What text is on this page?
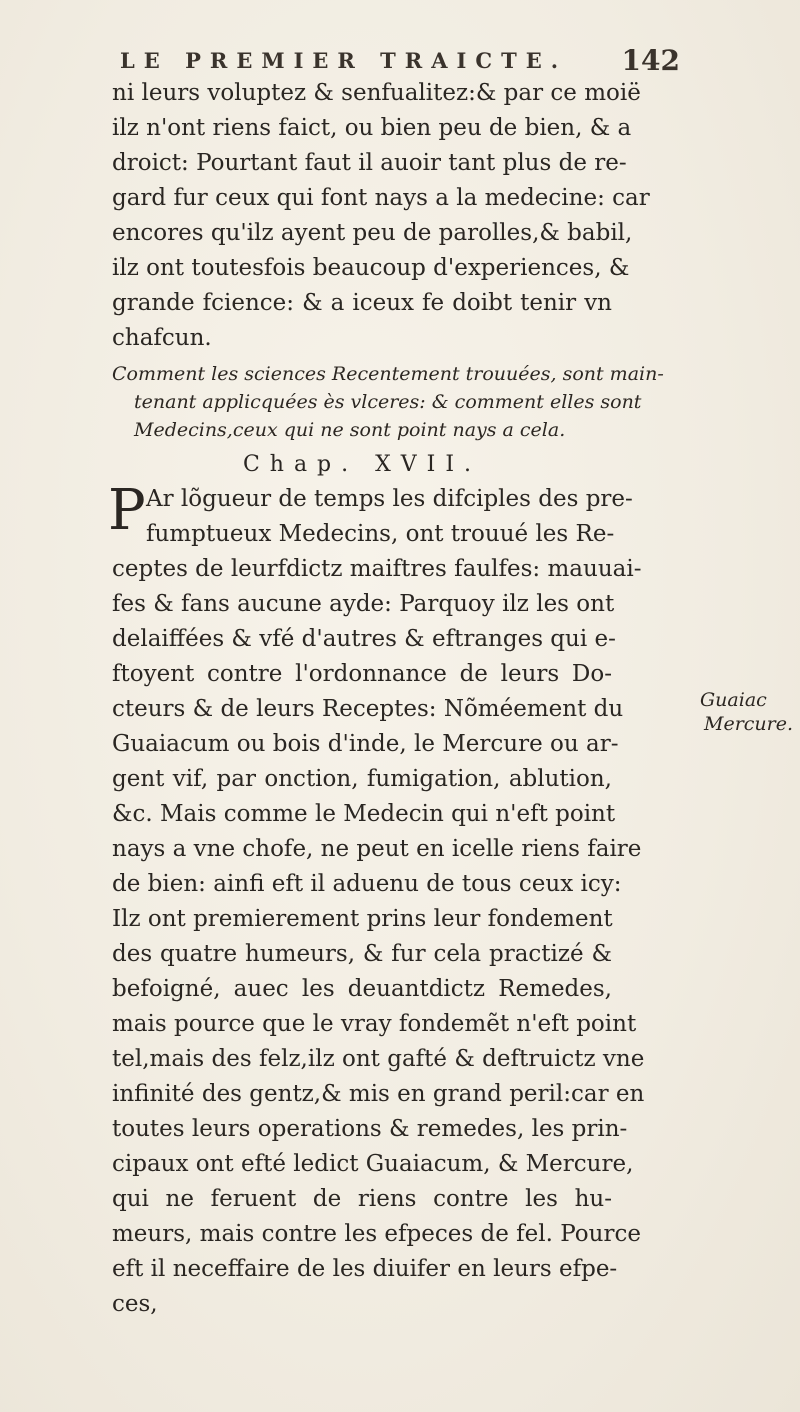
LE PREMIER TRAICTE. 142
ni leurs voluptez & senfualitez:& par ce moië
ilz n'ont riens faict, ou bien peu de bien, & a
droict: Pourtant faut il auoir tant plus de re-
gard fur ceux qui font nays a la medecine: car
encores qu'ilz ayent peu de parolles,& babil,
ilz ont toutesfois beaucoup d'experiences, &
grande fcience: & a iceux fe doibt tenir vn
chafcun.
Comment les sciences Recentement trouuées, sont main-
tenant applicquées ès vlceres: & comment elles sont
Medecins,ceux qui ne sont point nays a cela.
Chap. XVII.
P Ar lõgueur de temps les difciples des pre-
fumptueux Medecins, ont trouué les Re-
ceptes de leurfdictz maiftres faulfes: mauuai-
fes & fans aucune ayde: Parquoy ilz les ont
delaiffées & vfé d'autres & eftranges qui e-
ftoyent contre l'ordonnance de leurs Do-
cteurs & de leurs Receptes: Nõméement du
Guaiacum ou bois d'inde, le Mercure ou ar-
gent vif, par onction, fumigation, ablution,
&c. Mais comme le Medecin qui n'eft point
nays a vne chofe, ne peut en icelle riens faire
de bien: ainfi eft il aduenu de tous ceux icy:
Ilz ont premierement prins leur fondement
des quatre humeurs, & fur cela practizé &
befoigné, auec les deuantdictz Remedes,
mais pource que le vray fondemẽt n'eft point
tel,mais des felz,ilz ont gafté & deftruictz vne
infinité des gentz,& mis en grand peril:car en
toutes leurs operations & remedes, les prin-
cipaux ont efté ledict Guaiacum, & Mercure,
qui ne feruent de riens contre les hu-
meurs, mais contre les efpeces de fel. Pource
eft il neceffaire de les diuifer en leurs efpe-
ces,
Guaiac
Mercure.
